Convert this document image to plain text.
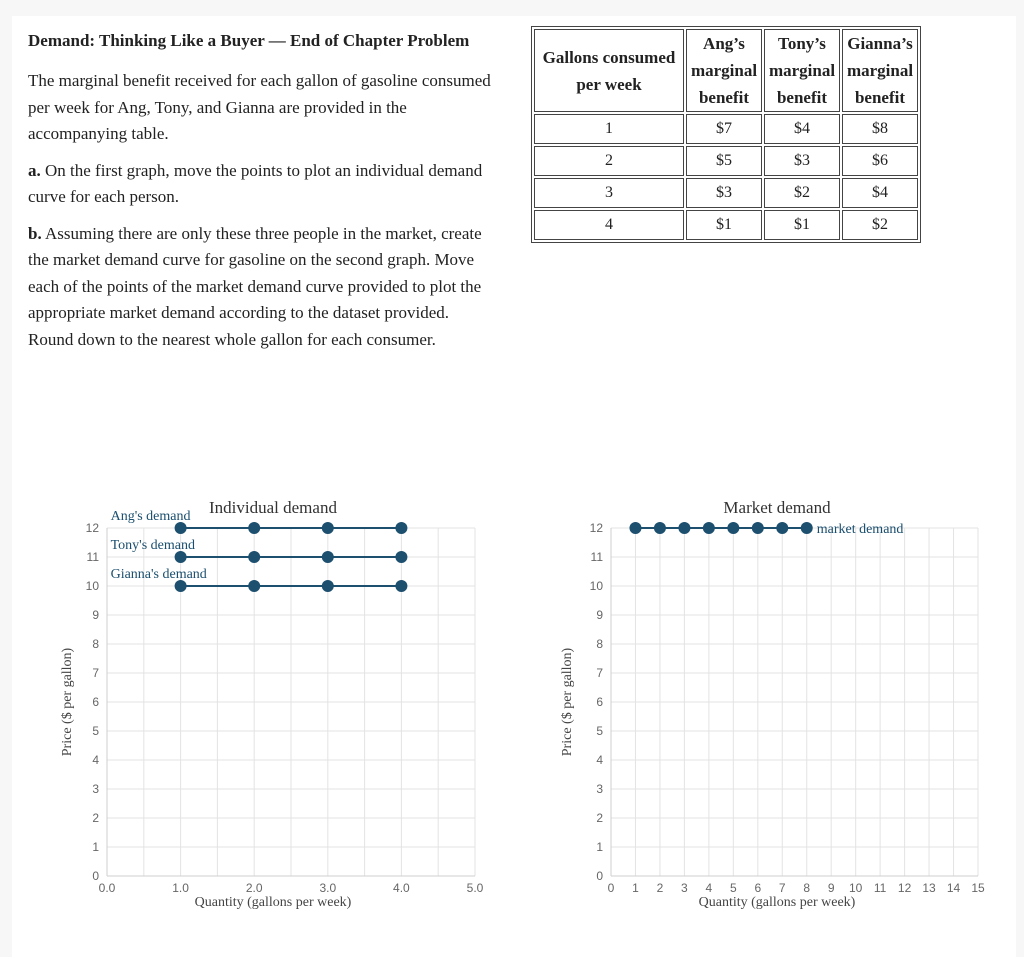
Demand: Thinking Like a Buyer — End of Chapter Problem

The marginal benefit received for each gallon of gasoline consumed per week for Ang, Tony, and Gianna are provided in the accompanying table.

a. On the first graph, move the points to plot an individual demand curve for each person.

b. Assuming there are only these three people in the market, create the market demand curve for gasoline on the second graph. Move each of the points of the market demand curve provided to plot the appropriate market demand according to the dataset provided. Round down to the nearest whole gallon for each consumer.

Gallons consumed
per week	Ang’s
marginal
benefit	Tony’s
marginal
benefit	Gianna’s
marginal
benefit
1	$7	$4	$8
2	$5	$3	$6
3	$3	$2	$4
4	$1	$1	$2
0
1
2
3
4
5
6
7
8
9
10
11
12
0.0	1.0	2.0	3.0	4.0	5.0
Individual demand
Quantity (gallons per week)
Price ($ per gallon)
Ang's demand
Tony's demand
Gianna's demand
0
1
2
3
4
5
6
7
8
9
10
11
12
0 1 2 3 4 5 6 7 8 9 10 11 12 13 14 15
Market demand
Quantity (gallons per week)
Price ($ per gallon)
market demand
